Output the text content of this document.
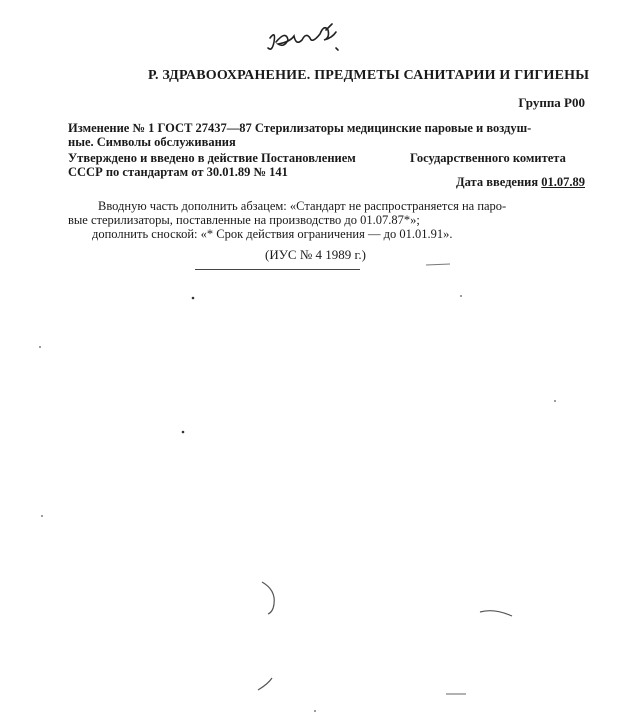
Р. ЗДРАВООХРАНЕНИЕ. ПРЕДМЕТЫ САНИТАРИИ И ГИГИЕНЫ
Группа Р00
Изменение № 1 ГОСТ 27437—87 Стерилизаторы медицинские паровые и воздуш-
ные. Символы обслуживания
Утверждено и введено в действие Постановлением	Государственного комитета
СССР по стандартам от 30.01.89 № 141
Дата введения 01.07.89
Вводную часть дополнить абзацем: «Стандарт не распространяется на паро-
вые стерилизаторы, поставленные на производство до 01.07.87*»;
дополнить сноской: «* Срок действия ограничения — до 01.01.91».
(ИУС № 4 1989 г.)
